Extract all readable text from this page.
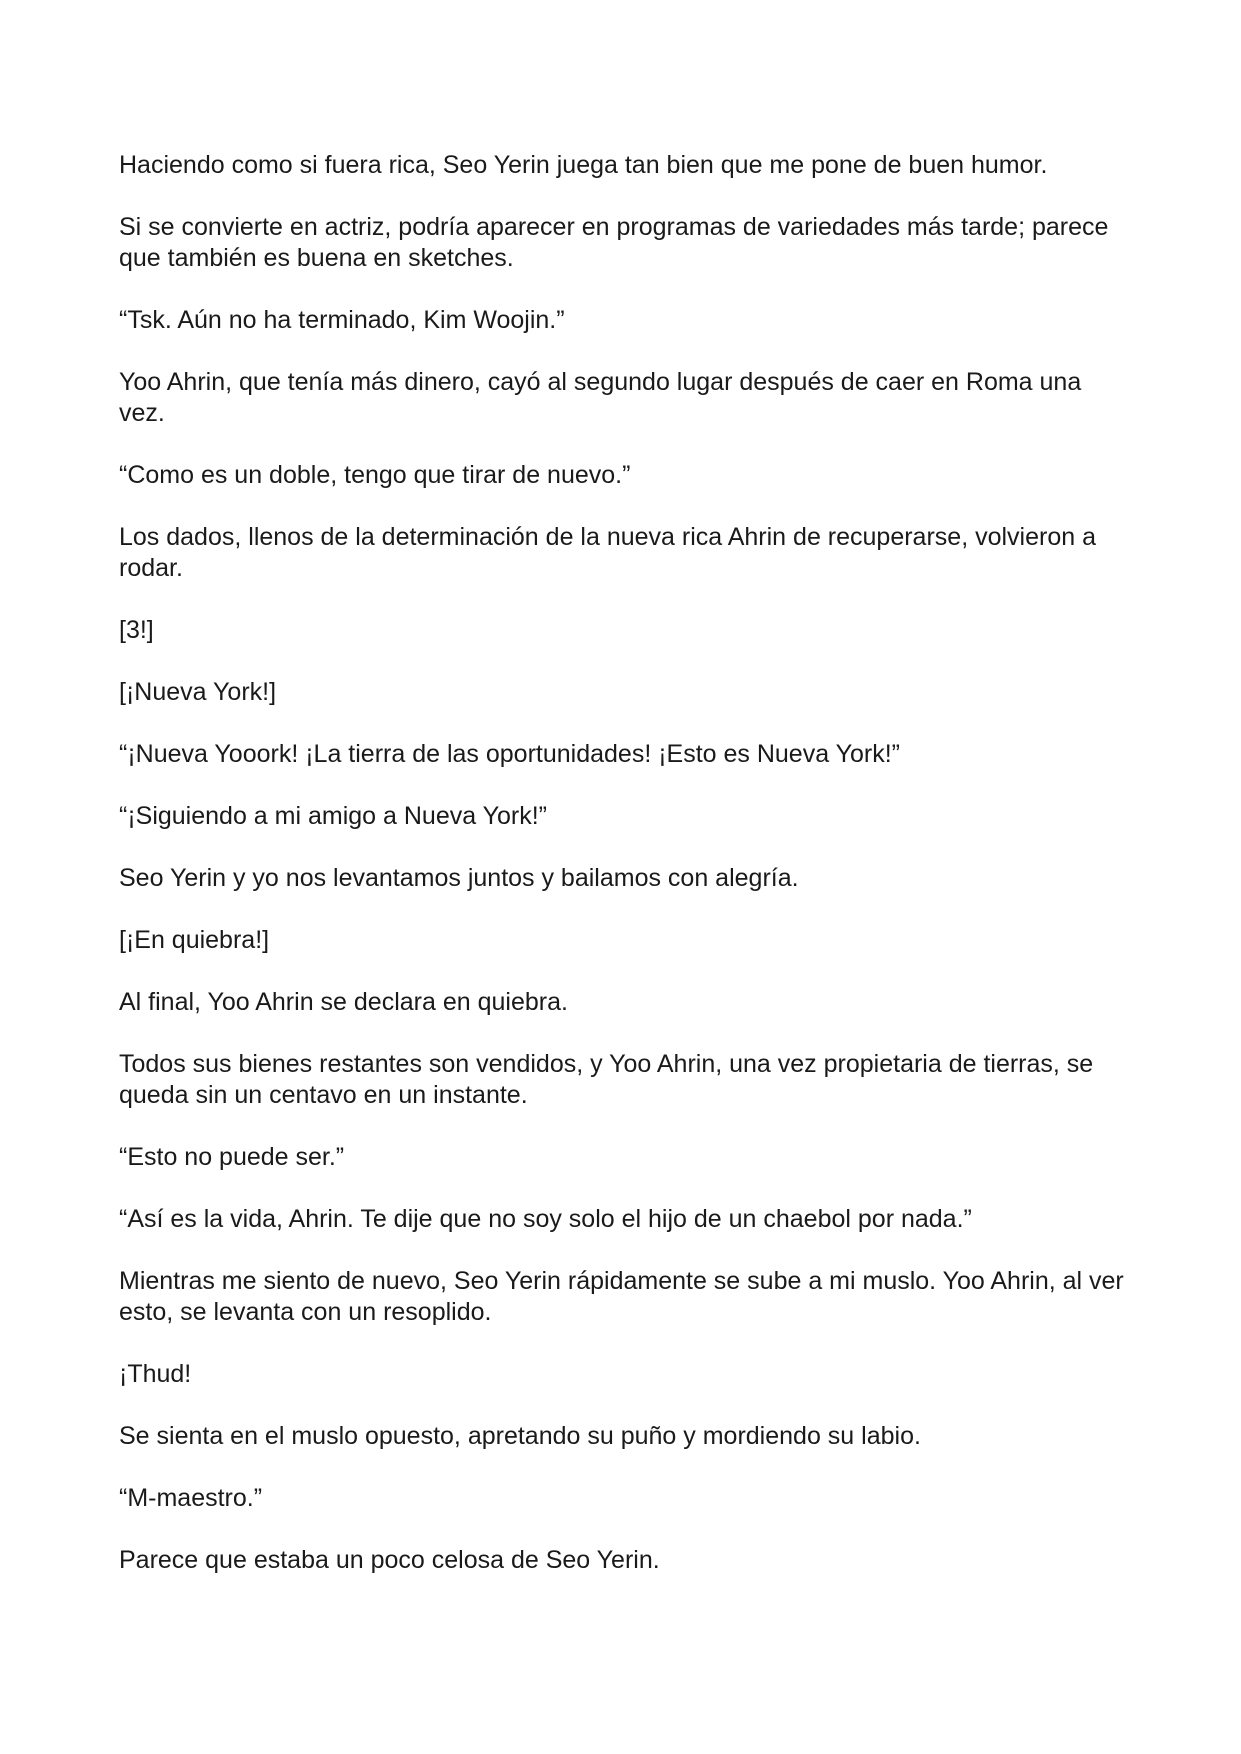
Haciendo como si fuera rica, Seo Yerin juega tan bien que me pone de buen humor.

Si se convierte en actriz, podría aparecer en programas de variedades más tarde; parece que también es buena en sketches.

“Tsk. Aún no ha terminado, Kim Woojin.”

Yoo Ahrin, que tenía más dinero, cayó al segundo lugar después de caer en Roma una vez.

“Como es un doble, tengo que tirar de nuevo.”

Los dados, llenos de la determinación de la nueva rica Ahrin de recuperarse, volvieron a rodar.

[3!]

[¡Nueva York!]

“¡Nueva Yooork! ¡La tierra de las oportunidades! ¡Esto es Nueva York!”

“¡Siguiendo a mi amigo a Nueva York!”

Seo Yerin y yo nos levantamos juntos y bailamos con alegría.

[¡En quiebra!]

Al final, Yoo Ahrin se declara en quiebra.

Todos sus bienes restantes son vendidos, y Yoo Ahrin, una vez propietaria de tierras, se queda sin un centavo en un instante.

“Esto no puede ser.”

“Así es la vida, Ahrin. Te dije que no soy solo el hijo de un chaebol por nada.”

Mientras me siento de nuevo, Seo Yerin rápidamente se sube a mi muslo. Yoo Ahrin, al ver esto, se levanta con un resoplido.

¡Thud!

Se sienta en el muslo opuesto, apretando su puño y mordiendo su labio.

“M-maestro.”

Parece que estaba un poco celosa de Seo Yerin.
